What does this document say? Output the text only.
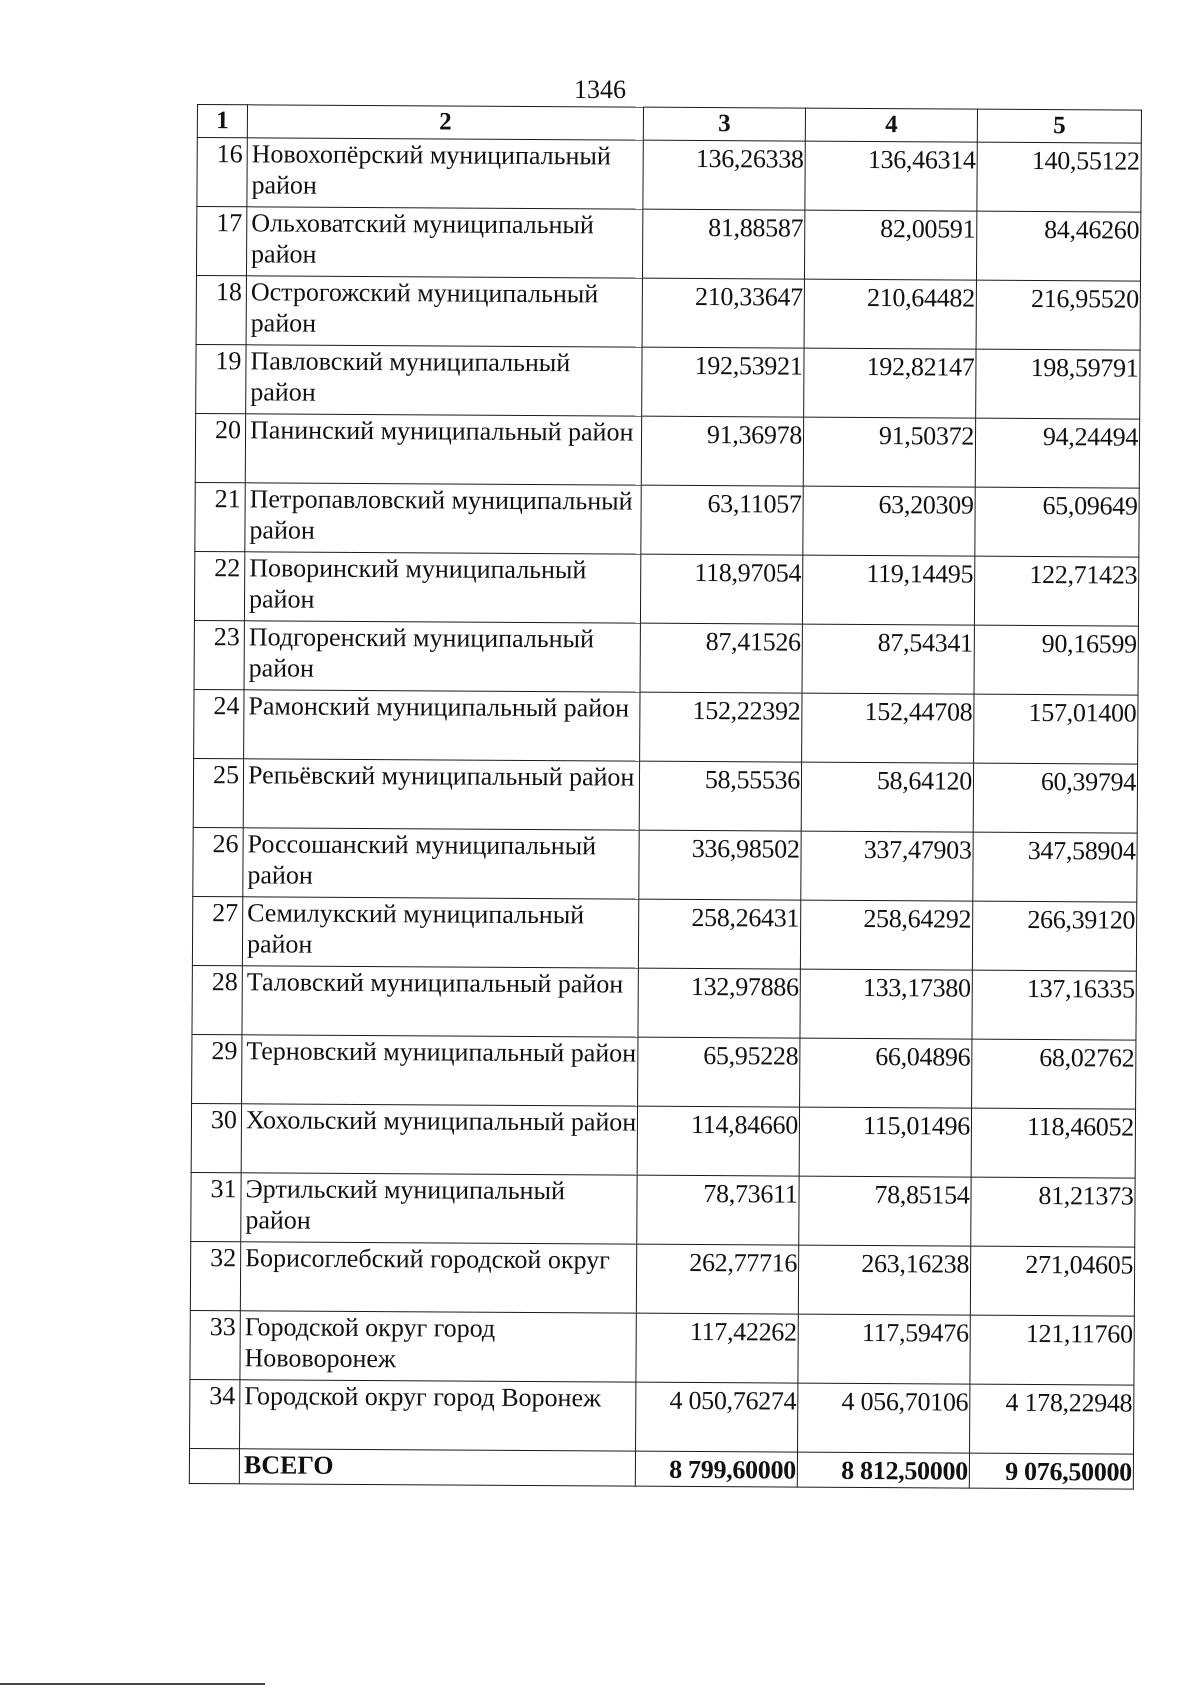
1346
1	2	3	4	5
16	Новохопёрский муниципальный район	136,26338	136,46314	140,55122
17	Ольховатский муниципальный район	81,88587	82,00591	84,46260
18	Острогожский муниципальный район	210,33647	210,64482	216,95520
19	Павловский муниципальный район	192,53921	192,82147	198,59791
20	Панинский муниципальный район	91,36978	91,50372	94,24494
21	Петропавловский муниципальный район	63,11057	63,20309	65,09649
22	Поворинский муниципальный район	118,97054	119,14495	122,71423
23	Подгоренский муниципальный район	87,41526	87,54341	90,16599
24	Рамонский муниципальный район	152,22392	152,44708	157,01400
25	Репьёвский муниципальный район	58,55536	58,64120	60,39794
26	Россошанский муниципальный район	336,98502	337,47903	347,58904
27	Семилукский муниципальный район	258,26431	258,64292	266,39120
28	Таловский муниципальный район	132,97886	133,17380	137,16335
29	Терновский муниципальный район	65,95228	66,04896	68,02762
30	Хохольский муниципальный район	114,84660	115,01496	118,46052
31	Эртильский муниципальный район	78,73611	78,85154	81,21373
32	Борисоглебский городской округ	262,77716	263,16238	271,04605
33	Городской округ город Нововоронеж	117,42262	117,59476	121,11760
34	Городской округ город Воронеж	4 050,76274	4 056,70106	4 178,22948
	ВСЕГО	8 799,60000	8 812,50000	9 076,50000
